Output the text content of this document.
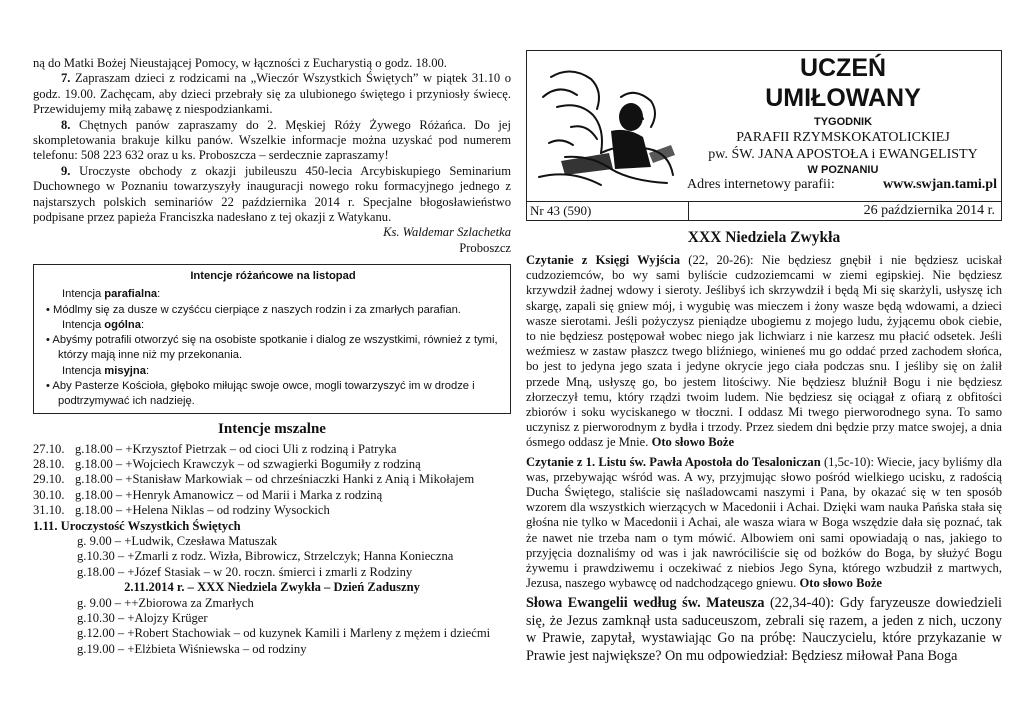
ną do Matki Bożej Nieustającej Pomocy, w łączności z Eucharystią o godz. 18.00.

7. Zapraszam dzieci z rodzicami na „Wieczór Wszystkich Świętych” w piątek 31.10 o godz. 19.00. Zachęcam, aby dzieci przebrały się za ulubionego świętego i przyniosły świecę. Przewidujemy miłą zabawę z niespodziankami.

8. Chętnych panów zapraszamy do 2. Męskiej Róży Żywego Różańca. Do jej skompletowania brakuje kilku panów. Wszelkie informacje można uzyskać pod numerem telefonu: 508 223 632 oraz u ks. Proboszcza – serdecznie zapraszamy!

9. Uroczyste obchody z okazji jubileuszu 450-lecia Arcybiskupiego Seminarium Duchownego w Poznaniu towarzyszyły inauguracji nowego roku formacyjnego jednego z najstarszych polskich seminariów 22 października 2014 r. Specjalne błogosławieństwo podpisane przez papieża Franciszka nadesłano z tej okazji z Watykanu.

Ks. Waldemar Szlachetka
Proboszcz
Intencje różańcowe na listopad
Intencja parafialna:
• Módlmy się za dusze w czyśćcu cierpiące z naszych rodzin i za zmarłych parafian.
Intencja ogólna:
• Abyśmy potrafili otworzyć się na osobiste spotkanie i dialog ze wszystkimi, również z tymi, którzy mają inne niż my przekonania.
Intencja misyjna:
• Aby Pasterze Kościoła, głęboko miłując swoje owce, mogli towarzyszyć im w drodze i podtrzymywać ich nadzieję.
Intencje mszalne
27.10. g.18.00 – +Krzysztof Pietrzak – od cioci Uli z rodziną i Patryka
28.10. g.18.00 – +Wojciech Krawczyk – od szwagierki Bogumiły z rodziną
29.10. g.18.00 – +Stanisław Markowiak – od chrześniaczki Hanki z Anią i Mikołajem
30.10. g.18.00 – +Henryk Amanowicz – od Marii i Marka z rodziną
31.10. g.18.00 – +Helena Niklas – od rodziny Wysockich
1.11. Uroczystość Wszystkich Świętych
g. 9.00 – +Ludwik, Czesława Matuszak
g.10.30 – +Zmarli z rodz. Wizła, Bibrowicz, Strzelczyk; Hanna Konieczna
g.18.00 – +Józef Stasiak – w 20. roczn. śmierci i zmarli z Rodziny
2.11.2014 r. – XXX Niedziela Zwykła – Dzień Zaduszny
g. 9.00 – ++Zbiorowa za Zmarłych
g.10.30 – +Alojzy Krüger
g.12.00 – +Robert Stachowiak – od kuzynek Kamili i Marleny z mężem i dziećmi
g.19.00 – +Elżbieta Wiśniewska – od rodziny
UCZEŃ
UMIŁOWANY
TYGODNIK
PARAFII RZYMSKOKATOLICKIEJ
pw. ŚW. JANA APOSTOŁA i EWANGELISTY
W POZNANIU
Adres internetowy parafii:	www.swjan.tami.pl
Nr 43 (590)	26 października 2014 r.
XXX Niedziela Zwykła

Czytanie z Księgi Wyjścia (22, 20-26): Nie będziesz gnębił i nie będziesz uciskał cudzoziemców, bo wy sami byliście cudzoziemcami w ziemi egipskiej. Nie będziesz krzywdził żadnej wdowy i sieroty. Jeślibyś ich skrzywdził i będą Mi się skarżyli, usłyszę ich skargę, zapali się gniew mój, i wygubię was mieczem i żony wasze będą wdowami, a dzieci wasze sierotami. Jeśli pożyczysz pieniądze ubogiemu z mojego ludu, żyjącemu obok ciebie, to nie będziesz postępował wobec niego jak lichwiarz i nie karzesz mu płacić odsetek. Jeśli weźmiesz w zastaw płaszcz twego bliźniego, winieneś mu go oddać przed zachodem słońca, bo jest to jedyna jego szata i jedyne okrycie jego ciała podczas snu. I jeśliby się on żalił przede Mną, usłyszę go, bo jestem litościwy. Nie będziesz bluźnił Bogu i nie będziesz złorzeczył temu, który rządzi twoim ludem. Nie będziesz się ociągał z ofiarą z obfitości zbiorów i soku wyciskanego w tłoczni. I oddasz Mi twego pierworodnego syna. To samo uczynisz z pierworodnym z bydła i trzody. Przez siedem dni będzie przy matce swojej, a dnia ósmego oddasz je Mnie. Oto słowo Boże

Czytanie z 1. Listu św. Pawła Apostoła do Tesaloniczan (1,5c-10): Wiecie, jacy byliśmy dla was, przebywając wśród was. A wy, przyjmując słowo pośród wielkiego ucisku, z radością Ducha Świętego, staliście się naśladowcami naszymi i Pana, by okazać się w ten sposób wzorem dla wszystkich wierzących w Macedonii i Achai. Dzięki wam nauka Pańska stała się głośna nie tylko w Macedonii i Achai, ale wasza wiara w Boga wszędzie dała się poznać, tak że nawet nie trzeba nam o tym mówić. Albowiem oni sami opowiadają o nas, jakiego to przyjęcia doznaliśmy od was i jak nawróciliście się od bożków do Boga, by służyć Bogu żywemu i prawdziwemu i oczekiwać z niebios Jego Syna, którego wzbudził z martwych, Jezusa, naszego wybawcę od nadchodzącego gniewu. Oto słowo Boże

Słowa Ewangelii według św. Mateusza (22,34-40): Gdy faryzeusze dowiedzieli się, że Jezus zamknął usta saduceuszom, zebrali się razem, a jeden z nich, uczony w Prawie, zapytał, wystawiając Go na próbę: Nauczycielu, które przykazanie w Prawie jest największe? On mu odpowiedział: Będziesz miłował Pana Boga
